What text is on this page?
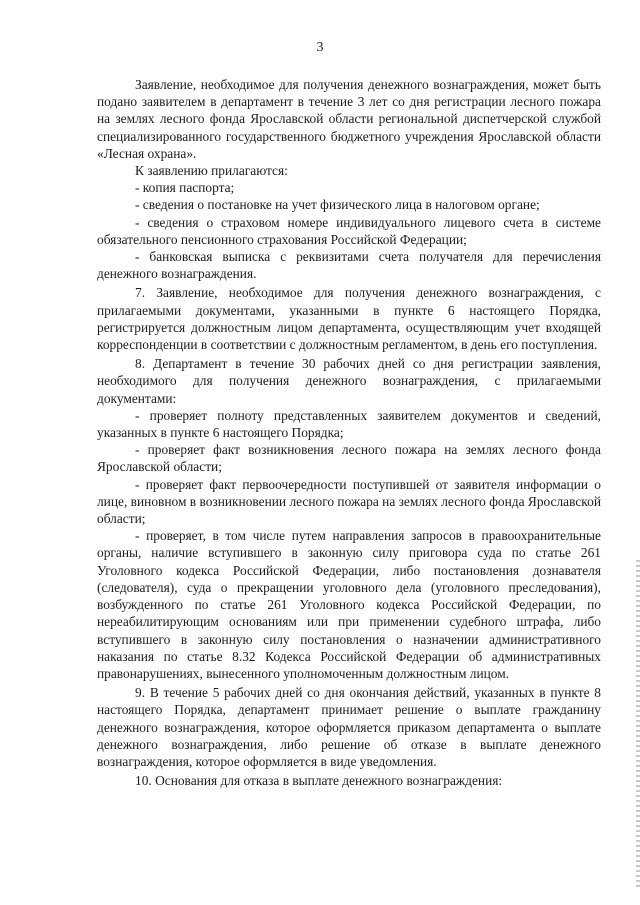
3

Заявление, необходимое для получения денежного вознаграждения, может быть подано заявителем в департамент в течение 3 лет со дня регистрации лесного пожара на землях лесного фонда Ярославской области региональной диспетчерской службой специализированного государственного бюджетного учреждения Ярославской области «Лесная охрана».

К заявлению прилагаются:

- копия паспорта;

- сведения о постановке на учет физического лица в налоговом органе;

- сведения о страховом номере индивидуального лицевого счета в системе обязательного пенсионного страхования Российской Федерации;

- банковская выписка с реквизитами счета получателя для перечисления денежного вознаграждения.

7. Заявление, необходимое для получения денежного вознаграждения, с прилагаемыми документами, указанными в пункте 6 настоящего Порядка, регистрируется должностным лицом департамента, осуществляющим учет входящей корреспонденции в соответствии с должностным регламентом, в день его поступления.

8. Департамент в течение 30 рабочих дней со дня регистрации заявления, необходимого для получения денежного вознаграждения, с прилагаемыми документами:

- проверяет полноту представленных заявителем документов и сведений, указанных в пункте 6 настоящего Порядка;

- проверяет факт возникновения лесного пожара на землях лесного фонда Ярославской области;

- проверяет факт первоочередности поступившей от заявителя информации о лице, виновном в возникновении лесного пожара на землях лесного фонда Ярославской области;

- проверяет, в том числе путем направления запросов в правоохранительные органы, наличие вступившего в законную силу приговора суда по статье 261 Уголовного кодекса Российской Федерации, либо постановления дознавателя (следователя), суда о прекращении уголовного дела (уголовного преследования), возбужденного по статье 261 Уголовного кодекса Российской Федерации, по нереабилитирующим основаниям или при применении судебного штрафа, либо вступившего в законную силу постановления о назначении административного наказания по статье 8.32 Кодекса Российской Федерации об административных правонарушениях, вынесенного уполномоченным должностным лицом.

9. В течение 5 рабочих дней со дня окончания действий, указанных в пункте 8 настоящего Порядка, департамент принимает решение о выплате гражданину денежного вознаграждения, которое оформляется приказом департамента о выплате денежного вознаграждения, либо решение об отказе в выплате денежного вознаграждения, которое оформляется в виде уведомления.

10. Основания для отказа в выплате денежного вознаграждения:
